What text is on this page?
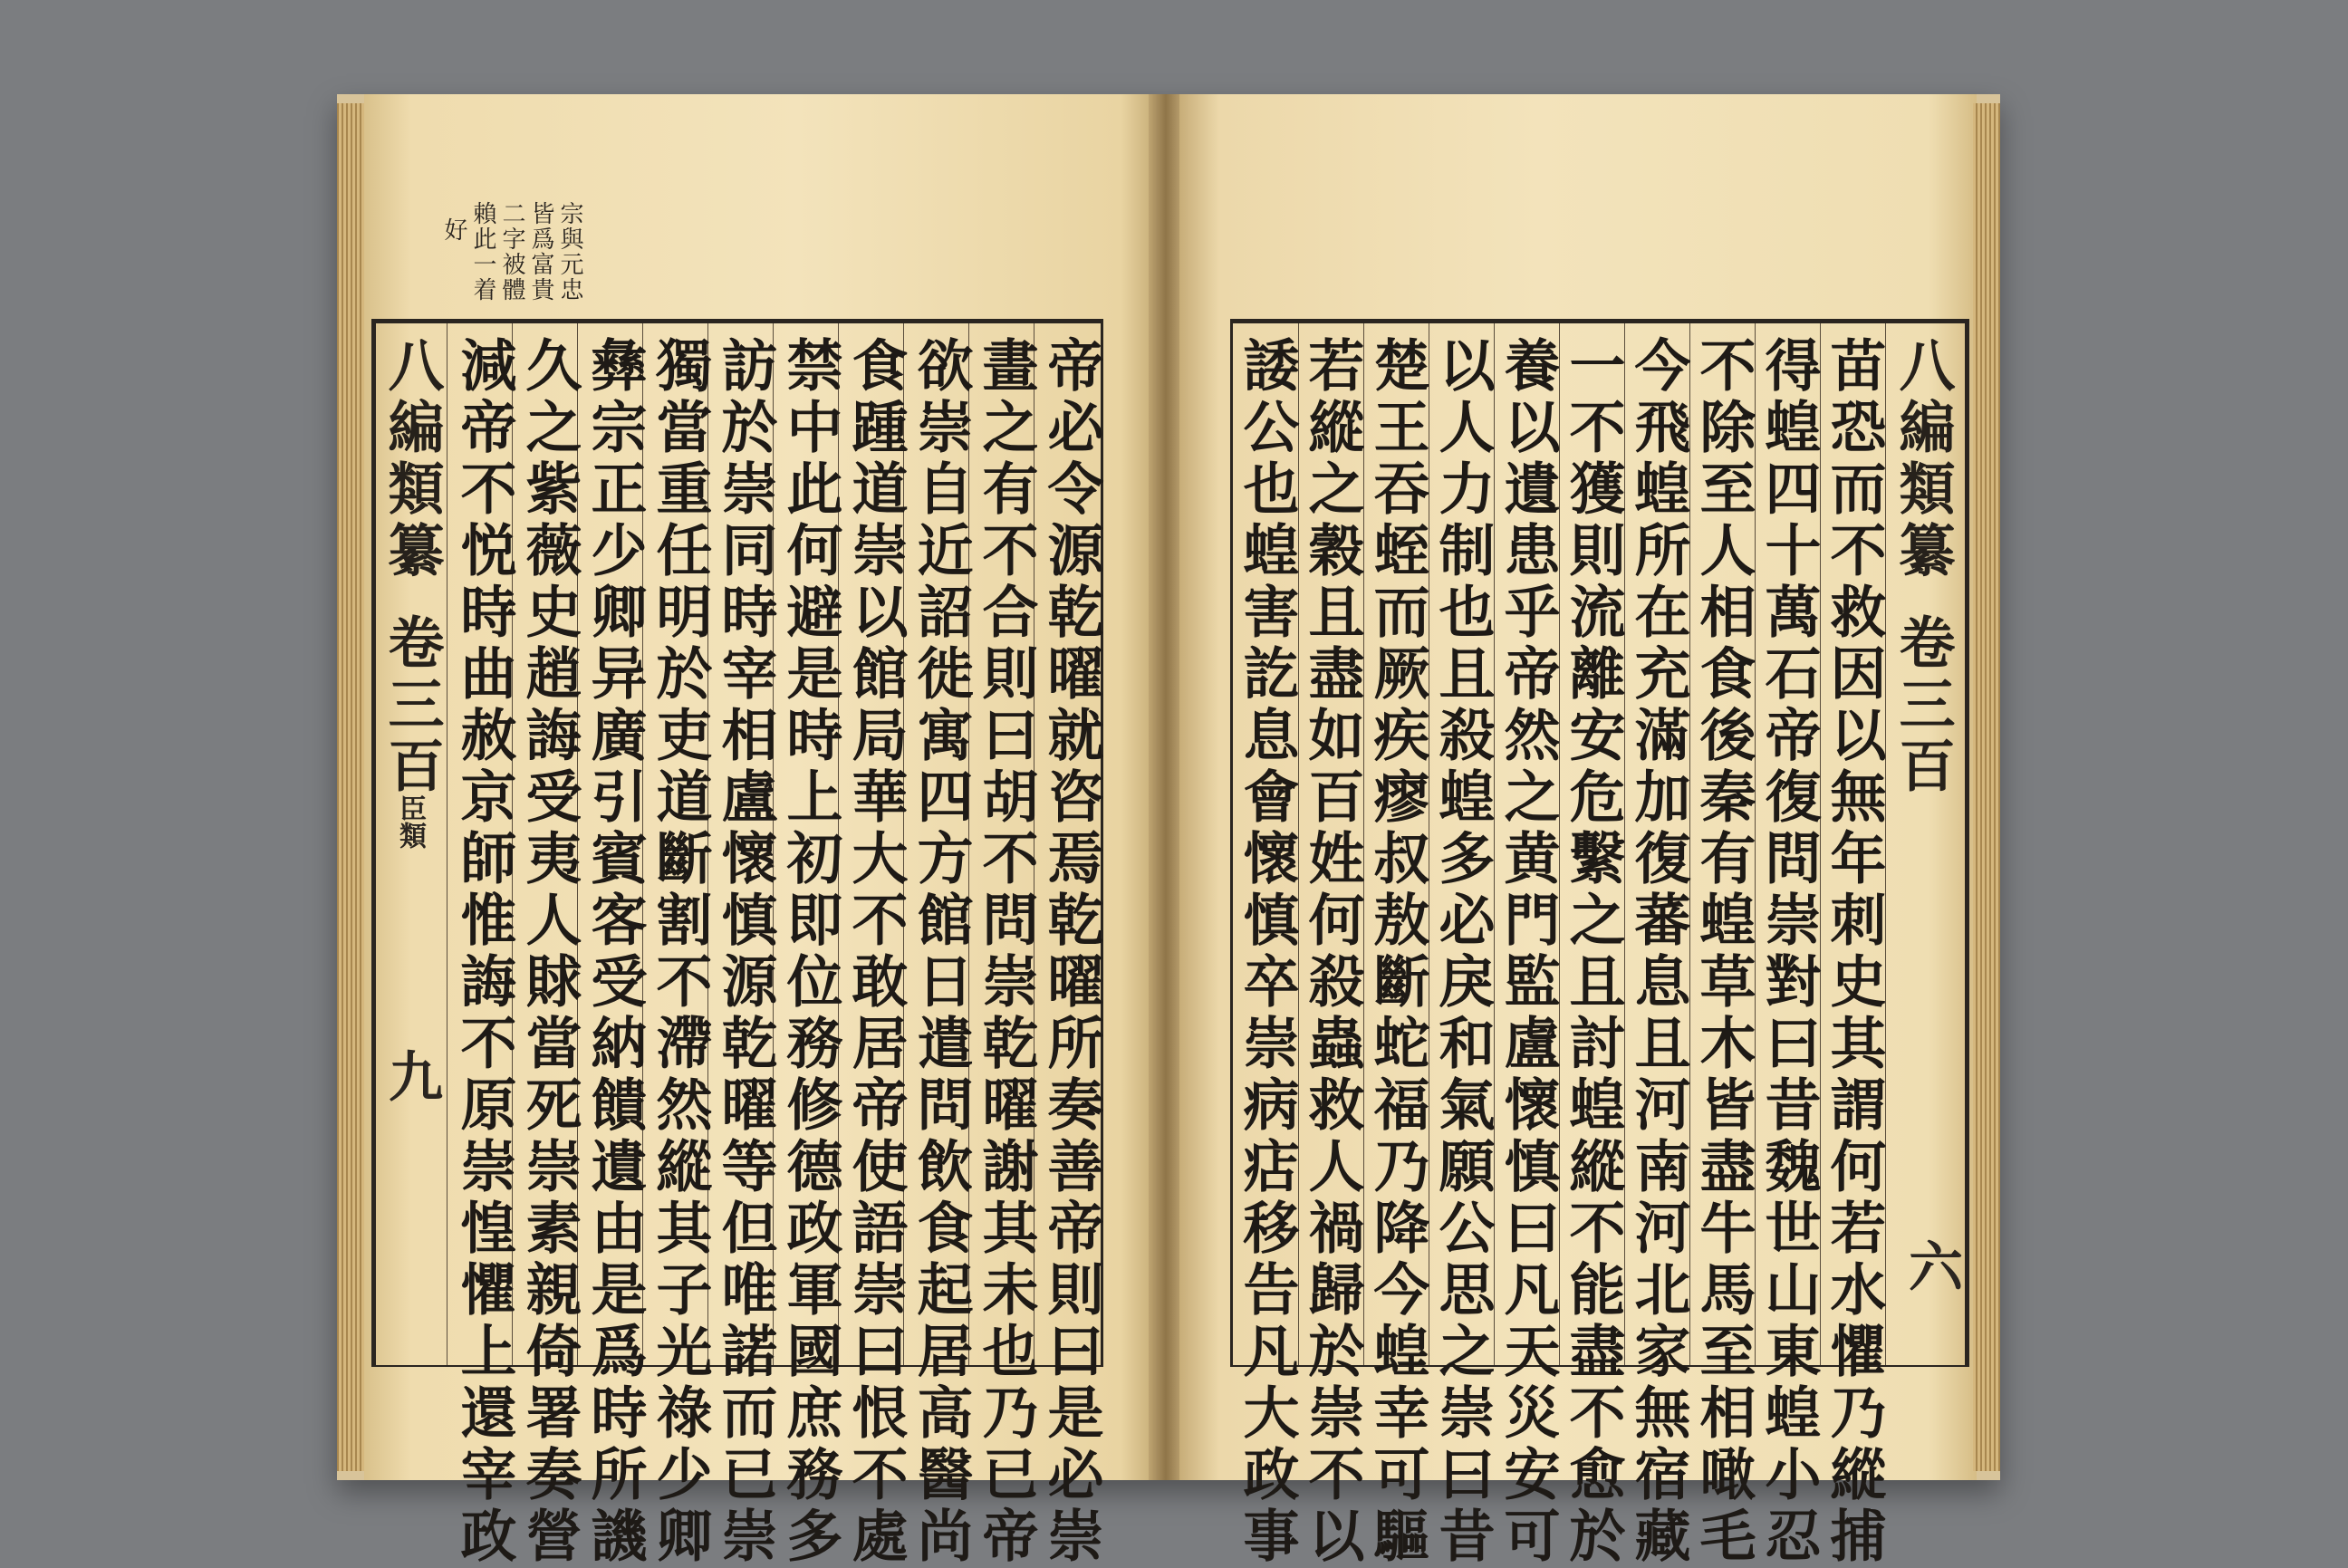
宗與元忠
皆爲富貴
二字被體
賴此一着
好
八編類纂
卷三百
臣類
九	帝必令源乾曜就咨焉乾曜所奏善帝則曰是必崇
畫之有不合則曰胡不問崇乾曜謝其未也乃已帝
欲崇自近詔徙寓四方館日遣問飲食起居高醫尚
食踵道崇以館局華大不敢居帝使語崇曰恨不處
禁中此何避是時上初即位務修德政軍國庶務多
訪於崇同時宰相盧懷慎源乾曜等但唯諾而已崇
獨當重任明於吏道斷割不滯然縱其子光祿少卿
彝宗正少卿异廣引賓客受納饋遺由是爲時所譏
久之紫薇史趙誨受夷人賕當死崇素親倚署奏營
減帝不悦時曲赦京師惟誨不原崇惶懼上還宰政	苗恐而不救因以無年刺史其謂何若水懼乃縱捕
得蝗四十萬石帝復問崇對曰昔魏世山東蝗小忍
不除至人相食後秦有蝗草木皆盡牛馬至相噉毛
今飛蝗所在充滿加復蕃息且河南河北家無宿藏
一不獲則流離安危繫之且討蝗縱不能盡不愈於
養以遺患乎帝然之黄門監盧懷慎曰凡天災安可
以人力制也且殺蝗多必戾和氣願公思之崇曰昔
楚王吞蛭而厥疾瘳叔敖斷蛇福乃降今蝗幸可驅
若縱之穀且盡如百姓何殺蟲救人禍歸於崇不以
諉公也蝗害訖息會懷慎卒崇病痁移告凡大政事	八編類纂
卷三百
六
